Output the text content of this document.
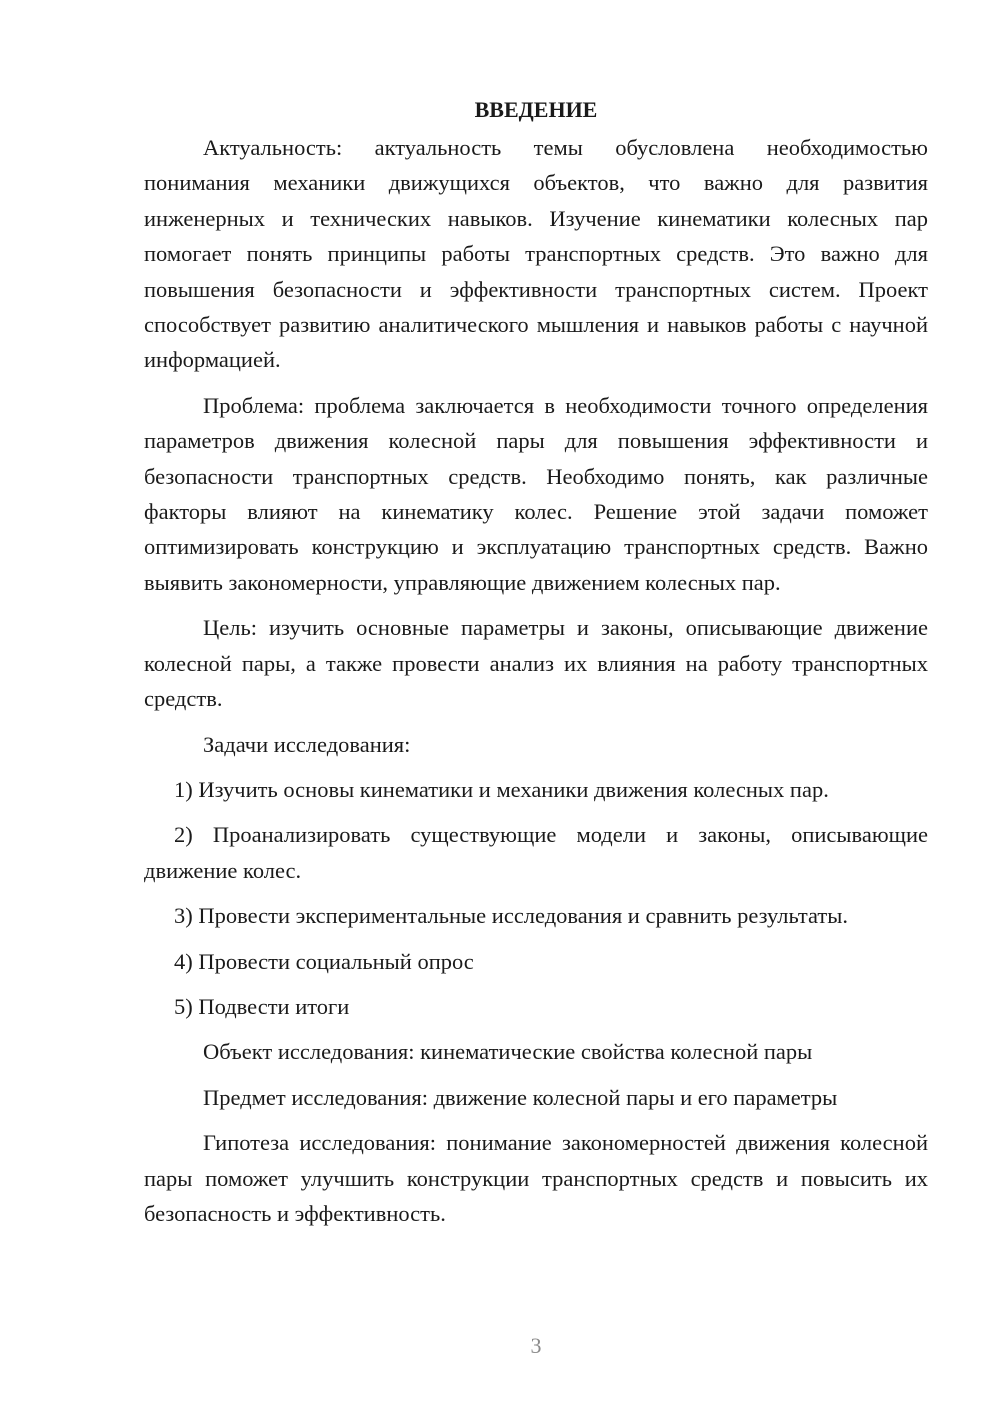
ВВЕДЕНИЕ

Актуальность: актуальность темы обусловлена необходимостью понимания механики движущихся объектов, что важно для развития инженерных и технических навыков. Изучение кинематики колесных пар помогает понять принципы работы транспортных средств. Это важно для повышения безопасности и эффективности транспортных систем. Проект способствует развитию аналитического мышления и навыков работы с научной информацией.

Проблема: проблема заключается в необходимости точного определения параметров движения колесной пары для повышения эффективности и безопасности транспортных средств. Необходимо понять, как различные факторы влияют на кинематику колес. Решение этой задачи поможет оптимизировать конструкцию и эксплуатацию транспортных средств. Важно выявить закономерности, управляющие движением колесных пар.

Цель: изучить основные параметры и законы, описывающие движение колесной пары, а также провести анализ их влияния на работу транспортных средств.

Задачи исследования:

1) Изучить основы кинематики и механики движения колесных пар.

2) Проанализировать существующие модели и законы, описывающие движение колес.

3) Провести экспериментальные исследования и сравнить результаты.

4) Провести социальный опрос

5) Подвести итоги

Объект исследования: кинематические свойства колесной пары

Предмет исследования: движение колесной пары и его параметры

Гипотеза исследования: понимание закономерностей движения колесной пары поможет улучшить конструкции транспортных средств и повысить их безопасность и эффективность.

3
